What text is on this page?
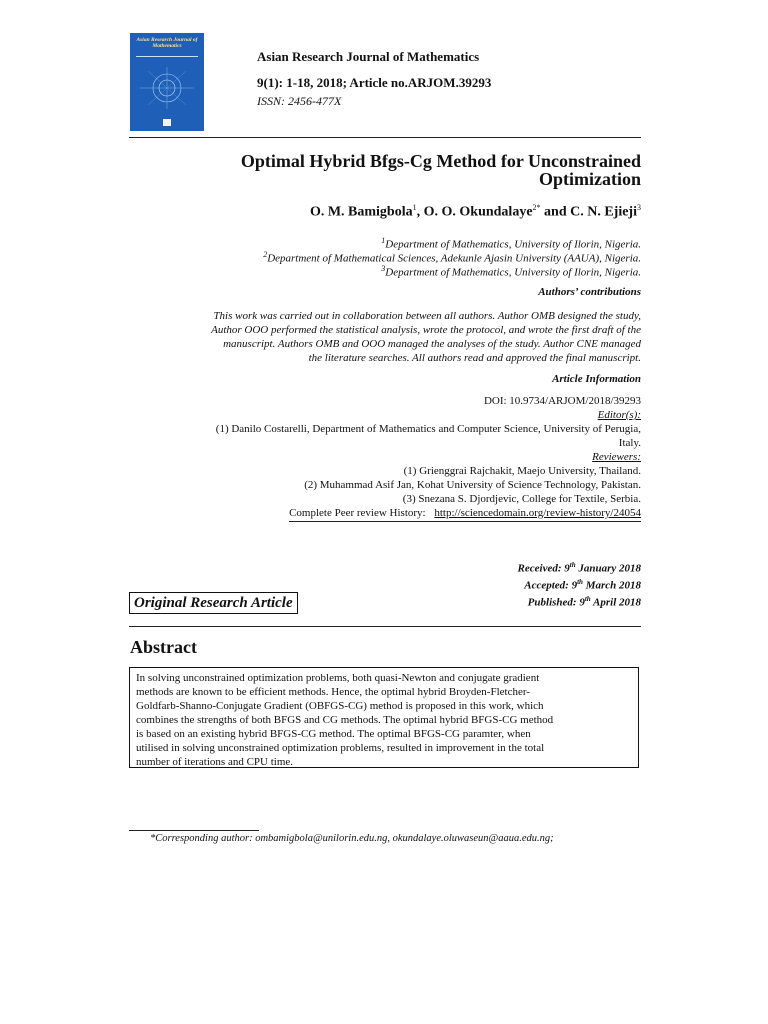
Asian Research Journal of Mathematics
Asian Research Journal of Mathematics
9(1): 1-18, 2018; Article no.ARJOM.39293
ISSN: 2456-477X
Optimal Hybrid Bfgs-Cg Method for Unconstrained
Optimization
O. M. Bamigbola$^1$, O. O. Okundalaye$^{2*}$ and C. N. Ejieji$^3$
$^1$Department of Mathematics, University of Ilorin, Nigeria.
$^2$Department of Mathematical Sciences, Adekunle Ajasin University (AAUA), Nigeria.
$^3$Department of Mathematics, University of Ilorin, Nigeria.
Authors’ contributions
This work was carried out in collaboration between all authors. Author OMB designed the study,
Author OOO performed the statistical analysis, wrote the protocol, and wrote the first draft of the
manuscript. Authors OMB and OOO managed the analyses of the study. Author CNE managed
the literature searches. All authors read and approved the final manuscript.
Article Information
DOI: 10.9734/ARJOM/2018/39293
Editor(s):
(1) Danilo Costarelli, Department of Mathematics and Computer Science, University of Perugia,
Italy.
Reviewers:
(1) Grienggrai Rajchakit, Maejo University, Thailand.
(2) Muhammad Asif Jan, Kohat University of Science Technology, Pakistan.
(3) Snezana S. Djordjevic, College for Textile, Serbia.
Complete Peer review History: http://sciencedomain.org/review-history/24054
Received: 9th January 2018
Accepted: 9th March 2018
Published: 9th April 2018
Original Research Article
Abstract
In solving unconstrained optimization problems, both quasi-Newton and conjugate gradient
methods are known to be efficient methods. Hence, the optimal hybrid Broyden-Fletcher-
Goldfarb-Shanno-Conjugate Gradient (OBFGS-CG) method is proposed in this work, which
combines the strengths of both BFGS and CG methods. The optimal hybrid BFGS-CG method
is based on an existing hybrid BFGS-CG method. The optimal BFGS-CG paramter, when
utilised in solving unconstrained optimization problems, resulted in improvement in the total
number of iterations and CPU time.
*Corresponding author: ombamigbola@unilorin.edu.ng, okundalaye.oluwaseun@aaua.edu.ng;
